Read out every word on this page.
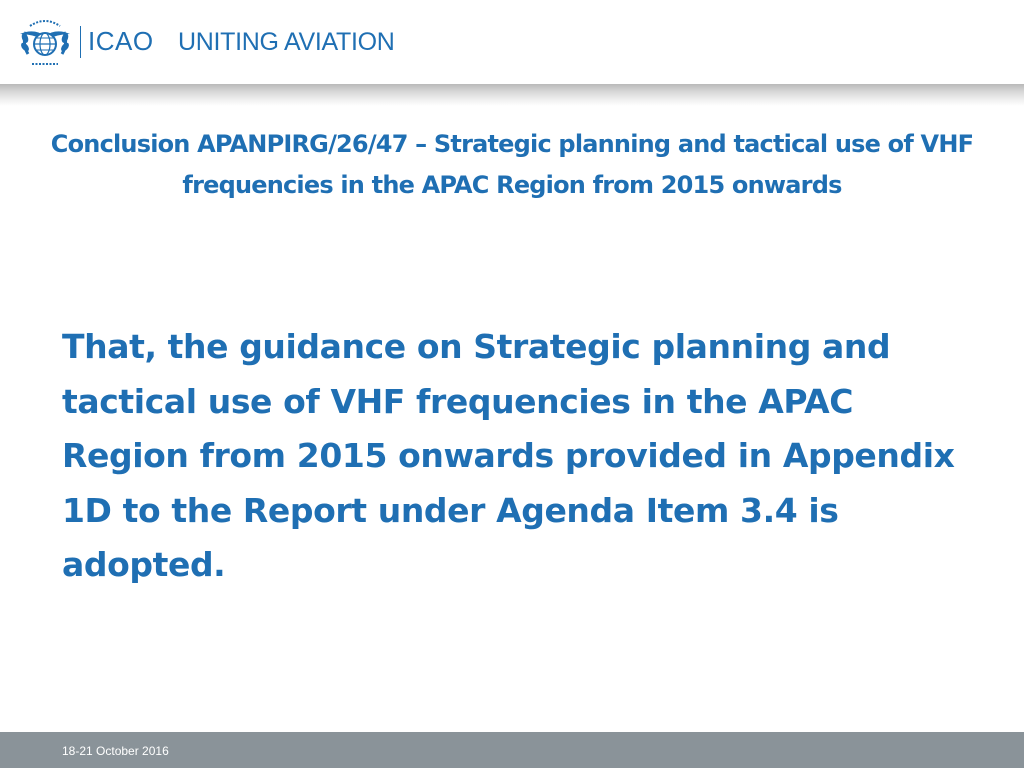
ICAO UNITING AVIATION
Conclusion APANPIRG/26/47 – Strategic planning and tactical use of VHF frequencies in the APAC Region from 2015 onwards
That, the guidance on Strategic planning and tactical use of VHF frequencies in the APAC Region from 2015 onwards provided in Appendix 1D to the Report under Agenda Item 3.4 is adopted.
18-21 October 2016
